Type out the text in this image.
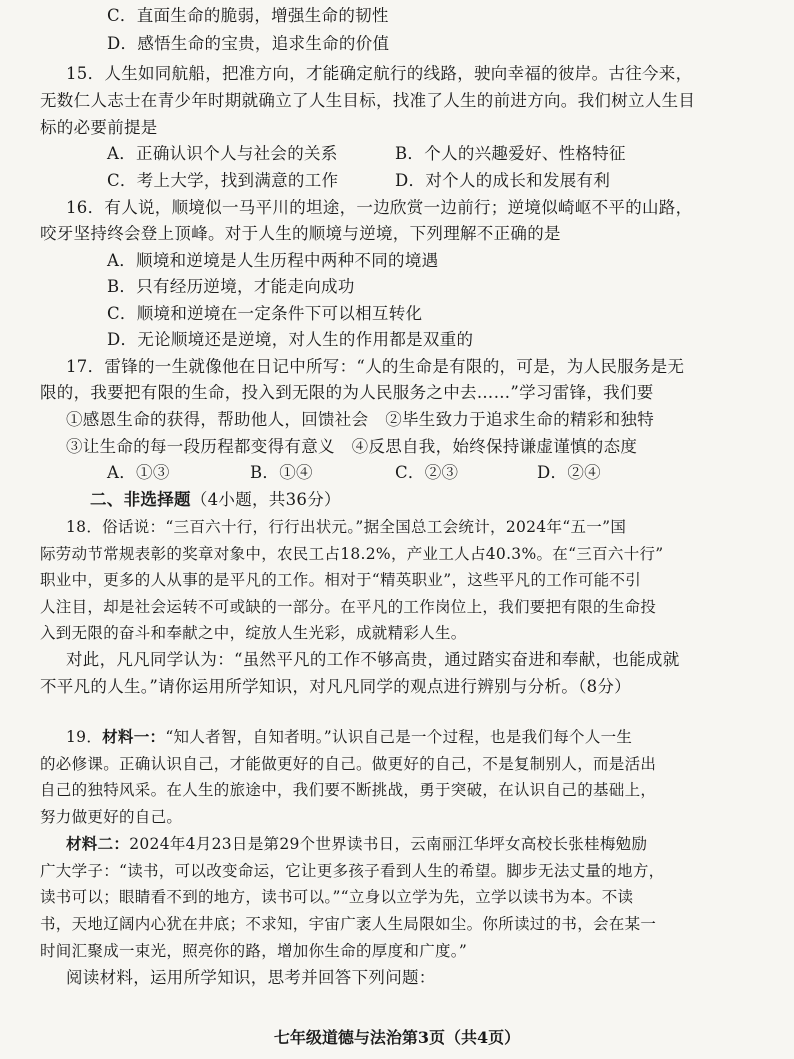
C．直面生命的脆弱，增强生命的韧性
D．感悟生命的宝贵，追求生命的价值
15．人生如同航船，把准方向，才能确定航行的线路，驶向幸福的彼岸。古往今来，
无数仁人志士在青少年时期就确立了人生目标，找准了人生的前进方向。我们树立人生目
标的必要前提是
A．正确认识个人与社会的关系	B．个人的兴趣爱好、性格特征
C．考上大学，找到满意的工作	D．对个人的成长和发展有利
16．有人说，顺境似一马平川的坦途，一边欣赏一边前行；逆境似崎岖不平的山路，
咬牙坚持终会登上顶峰。对于人生的顺境与逆境，下列理解不正确的是
A．顺境和逆境是人生历程中两种不同的境遇
B．只有经历逆境，才能走向成功
C．顺境和逆境在一定条件下可以相互转化
D．无论顺境还是逆境，对人生的作用都是双重的
17．雷锋的一生就像他在日记中所写：“人的生命是有限的，可是，为人民服务是无
限的，我要把有限的生命，投入到无限的为人民服务之中去……”学习雷锋，我们要
①感恩生命的获得，帮助他人，回馈社会　②毕生致力于追求生命的精彩和独特
③让生命的每一段历程都变得有意义　④反思自我，始终保持谦虚谨慎的态度
A．①③	B．①④	C．②③	D．②④
二、非选择题（4小题，共36分）
18．俗话说：“三百六十行，行行出状元。”据全国总工会统计，2024年“五一”国
际劳动节常规表彰的奖章对象中，农民工占18.2%，产业工人占40.3%。在“三百六十行”
职业中，更多的人从事的是平凡的工作。相对于“精英职业”，这些平凡的工作可能不引
人注目，却是社会运转不可或缺的一部分。在平凡的工作岗位上，我们要把有限的生命投
入到无限的奋斗和奉献之中，绽放人生光彩，成就精彩人生。
对此，凡凡同学认为：“虽然平凡的工作不够高贵，通过踏实奋进和奉献，也能成就
不平凡的人生。”请你运用所学知识，对凡凡同学的观点进行辨别与分析。（8分）
19．材料一：“知人者智，自知者明。”认识自己是一个过程，也是我们每个人一生
的必修课。正确认识自己，才能做更好的自己。做更好的自己，不是复制别人，而是活出
自己的独特风采。在人生的旅途中，我们要不断挑战，勇于突破，在认识自己的基础上，
努力做更好的自己。
材料二：2024年4月23日是第29个世界读书日，云南丽江华坪女高校长张桂梅勉励
广大学子：“读书，可以改变命运，它让更多孩子看到人生的希望。脚步无法丈量的地方，
读书可以；眼睛看不到的地方，读书可以。”“立身以立学为先，立学以读书为本。不读
书，天地辽阔内心犹在井底；不求知，宇宙广袤人生局限如尘。你所读过的书，会在某一
时间汇聚成一束光，照亮你的路，增加你生命的厚度和广度。”
阅读材料，运用所学知识，思考并回答下列问题：
七年级道德与法治第3页（共4页）
